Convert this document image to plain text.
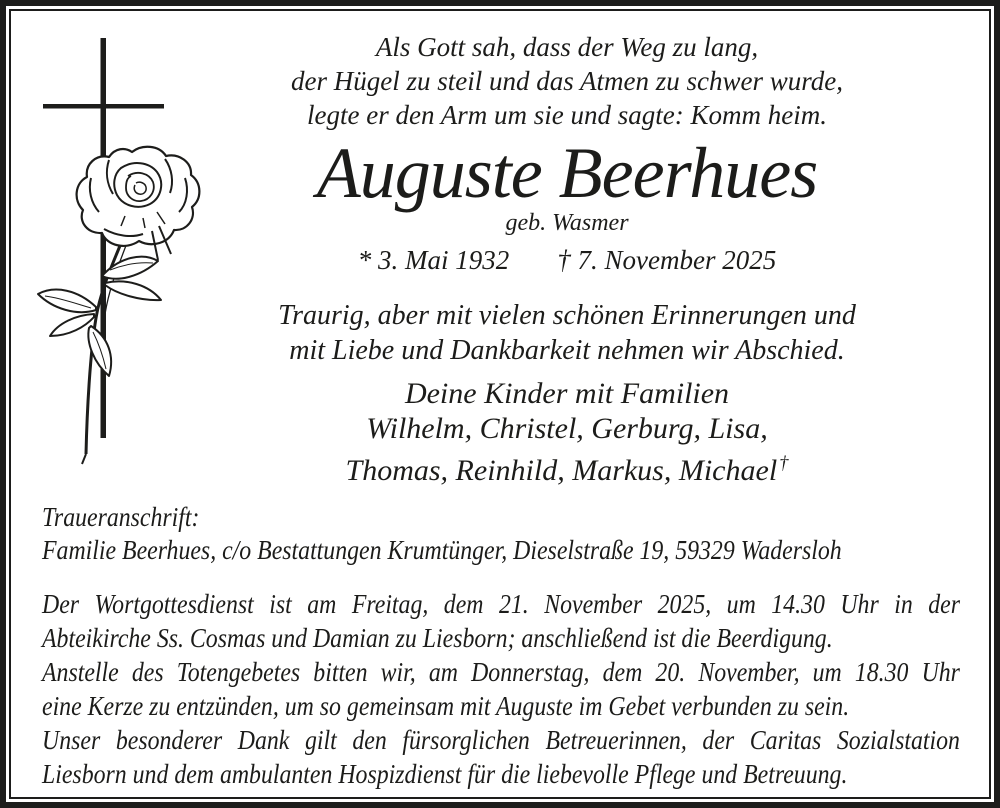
Als Gott sah, dass der Weg zu lang,
der Hügel zu steil und das Atmen zu schwer wurde,
legte er den Arm um sie und sagte: Komm heim.
Auguste Beerhues
geb. Wasmer
* 3. Mai 1932 † 7. November 2025
Traurig, aber mit vielen schönen Erinnerungen und
mit Liebe und Dankbarkeit nehmen wir Abschied.
Deine Kinder mit Familien
Wilhelm, Christel, Gerburg, Lisa,
Thomas, Reinhild, Markus, Michael †
Traueranschrift:
Familie Beerhues, c/o Bestattungen Krumtünger, Dieselstraße 19, 59329 Wadersloh
Der Wortgottesdienst ist am Freitag, dem 21. November 2025, um 14.30 Uhr in der
Abteikirche Ss. Cosmas und Damian zu Liesborn; anschließend ist die Beerdigung.
Anstelle des Totengebetes bitten wir, am Donnerstag, dem 20. November, um 18.30 Uhr
eine Kerze zu entzünden, um so gemeinsam mit Auguste im Gebet verbunden zu sein.
Unser besonderer Dank gilt den fürsorglichen Betreuerinnen, der Caritas Sozialstation
Liesborn und dem ambulanten Hospizdienst für die liebevolle Pflege und Betreuung.
